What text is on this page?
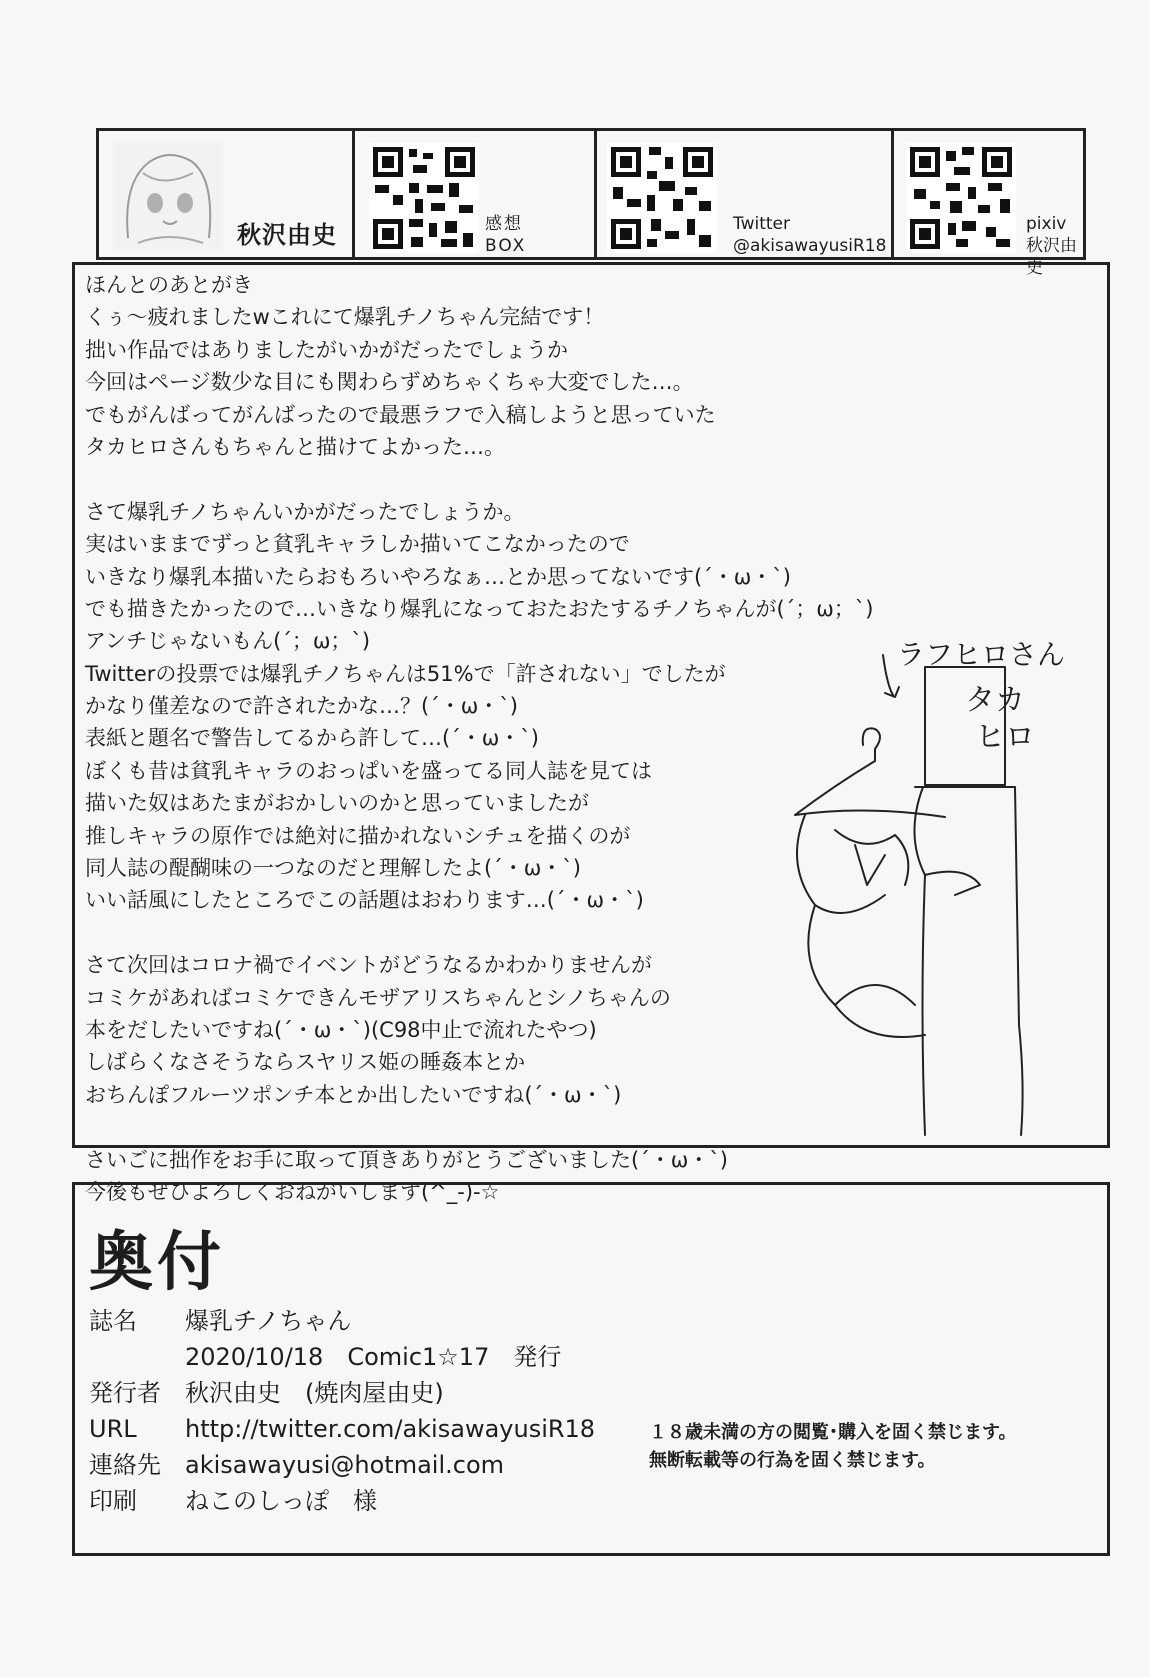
秋沢由史	感想
BOX
Twitter
@akisawayusiR18
pixiv
秋沢由史
ほんとのあとがき
くぅ〜疲れましたwこれにて爆乳チノちゃん完結です！
拙い作品ではありましたがいかがだったでしょうか
今回はページ数少な目にも関わらずめちゃくちゃ大変でした…。
でもがんばってがんばったので最悪ラフで入稿しようと思っていた
タカヒロさんもちゃんと描けてよかった…。
さて爆乳チノちゃんいかがだったでしょうか。
実はいままでずっと貧乳キャラしか描いてこなかったので
いきなり爆乳本描いたらおもろいやろなぁ…とか思ってないです(´・ω・`)
でも描きたかったので…いきなり爆乳になっておたおたするチノちゃんが(´；ω；`)
アンチじゃないもん(´；ω；`)
Twitterの投票では爆乳チノちゃんは51%で「許されない」でしたが
かなり僅差なので許されたかな…？(´・ω・`)
表紙と題名で警告してるから許して…(´・ω・`)
ぼくも昔は貧乳キャラのおっぱいを盛ってる同人誌を見ては
描いた奴はあたまがおかしいのかと思っていましたが
推しキャラの原作では絶対に描かれないシチュを描くのが
同人誌の醍醐味の一つなのだと理解したよ(´・ω・`)
いい話風にしたところでこの話題はおわります…(´・ω・`)
さて次回はコロナ禍でイベントがどうなるかわかりませんが
コミケがあればコミケできんモザアリスちゃんとシノちゃんの
本をだしたいですね(´・ω・`)(C98中止で流れたやつ)
しばらくなさそうならスヤリス姫の睡姦本とか
おちんぽフルーツポンチ本とか出したいですね(´・ω・`)
さいごに拙作をお手に取って頂きありがとうございました(´・ω・`)
今後もぜひよろしくおねがいします(^_-)-☆
ラフヒロさん
タカ
ヒロ
奥付
誌名 爆乳チノちゃん
2020/10/18　Comic1☆17　発行
発行者 秋沢由史　(焼肉屋由史)
URL http://twitter.com/akisawayusiR18
連絡先 akisawayusi@hotmail.com
印刷 ねこのしっぽ　様
１８歳未満の方の閲覧･購入を固く禁じます。
無断転載等の行為を固く禁じます。
